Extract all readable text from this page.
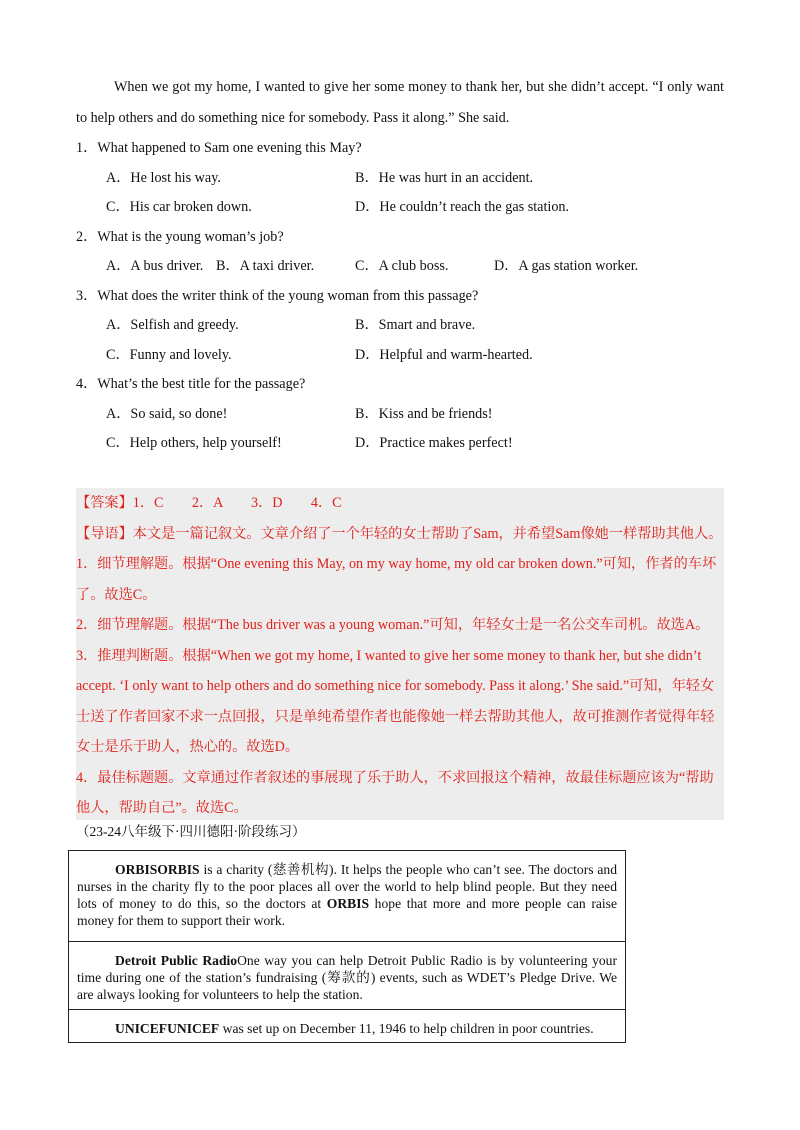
When we got my home, I wanted to give her some money to thank her, but she didn’t accept. “I only want to help others and do something nice for somebody. Pass it along.” She said.

1．What happened to Sam one evening this May?
A．He lost his way.	B．He was hurt in an accident.
C．His car broken down.	D．He couldn’t reach the gas station.
2．What is the young woman’s job?
A．A bus driver. B．A taxi driver.	C．A club boss.	D．A gas station worker.
3．What does the writer think of the young woman from this passage?
A．Selfish and greedy.	B．Smart and brave.
C．Funny and lovely.	D．Helpful and warm-hearted.
4．What’s the best title for the passage?
A．So said, so done!	B．Kiss and be friends!
C．Help others, help yourself!	D．Practice makes perfect!
【答案】1．C　　2．A　　3．D　　4．C
【导语】本文是一篇记叙文。文章介绍了一个年轻的女士帮助了Sam，并希望Sam像她一样帮助其他人。
1．细节理解题。根据“One evening this May, on my way home, my old car broken down.”可知，作者的车坏了。故选C。
2．细节理解题。根据“The bus driver was a young woman.”可知，年轻女士是一名公交车司机。故选A。
3．推理判断题。根据“When we got my home, I wanted to give her some money to thank her, but she didn’t accept. ‘I only want to help others and do something nice for somebody. Pass it along.’ She said.”可知，年轻女士送了作者回家不求一点回报，只是单纯希望作者也能像她一样去帮助其他人，故可推测作者觉得年轻女士是乐于助人，热心的。故选D。
4．最佳标题题。文章通过作者叙述的事展现了乐于助人，不求回报这个精神，故最佳标题应该为“帮助他人，帮助自己”。故选C。
（23-24八年级下·四川德阳·阶段练习）
ORBISORBIS is a charity (慈善机构). It helps the people who can’t see. The doctors and nurses in the charity fly to the poor places all over the world to help blind people. But they need lots of money to do this, so the doctors at ORBIS hope that more and more people can raise money for them to support their work.
Detroit Public RadioOne way you can help Detroit Public Radio is by volunteering your time during one of the station’s fundraising (筹款的) events, such as WDET’s Pledge Drive. We are always looking for volunteers to help the station.
UNICEFUNICEF was set up on December 11, 1946 to help children in poor countries.
